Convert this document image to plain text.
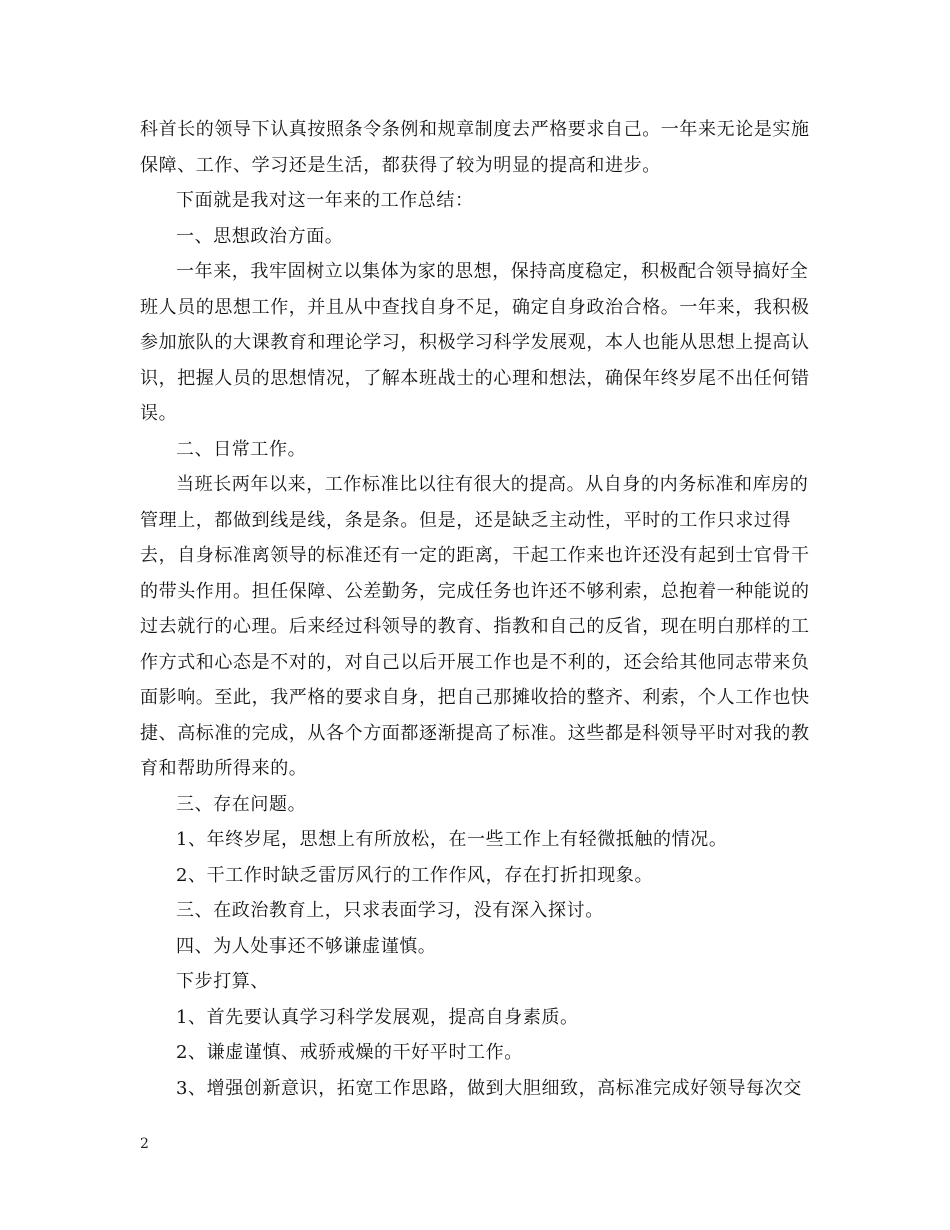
科首长的领导下认真按照条令条例和规章制度去严格要求自己。一年来无论是实施保障、工作、学习还是生活，都获得了较为明显的提高和进步。

下面就是我对这一年来的工作总结：

一、思想政治方面。

一年来，我牢固树立以集体为家的思想，保持高度稳定，积极配合领导搞好全班人员的思想工作，并且从中查找自身不足，确定自身政治合格。一年来，我积极参加旅队的大课教育和理论学习，积极学习科学发展观，本人也能从思想上提高认识，把握人员的思想情况，了解本班战士的心理和想法，确保年终岁尾不出任何错误。

二、日常工作。

当班长两年以来，工作标准比以往有很大的提高。从自身的内务标准和库房的管理上，都做到线是线，条是条。但是，还是缺乏主动性，平时的工作只求过得去，自身标准离领导的标准还有一定的距离，干起工作来也许还没有起到士官骨干的带头作用。担任保障、公差勤务，完成任务也许还不够利索，总抱着一种能说的过去就行的心理。后来经过科领导的教育、指教和自己的反省，现在明白那样的工作方式和心态是不对的，对自己以后开展工作也是不利的，还会给其他同志带来负面影响。至此，我严格的要求自身，把自己那摊收拾的整齐、利索，个人工作也快捷、高标准的完成，从各个方面都逐渐提高了标准。这些都是科领导平时对我的教育和帮助所得来的。

三、存在问题。

1、年终岁尾，思想上有所放松，在一些工作上有轻微抵触的情况。

2、干工作时缺乏雷厉风行的工作作风，存在打折扣现象。

三、在政治教育上，只求表面学习，没有深入探讨。

四、为人处事还不够谦虚谨慎。

下步打算、

1、首先要认真学习科学发展观，提高自身素质。

2、谦虚谨慎、戒骄戒燥的干好平时工作。

3、增强创新意识，拓宽工作思路，做到大胆细致，高标准完成好领导每次交

2
